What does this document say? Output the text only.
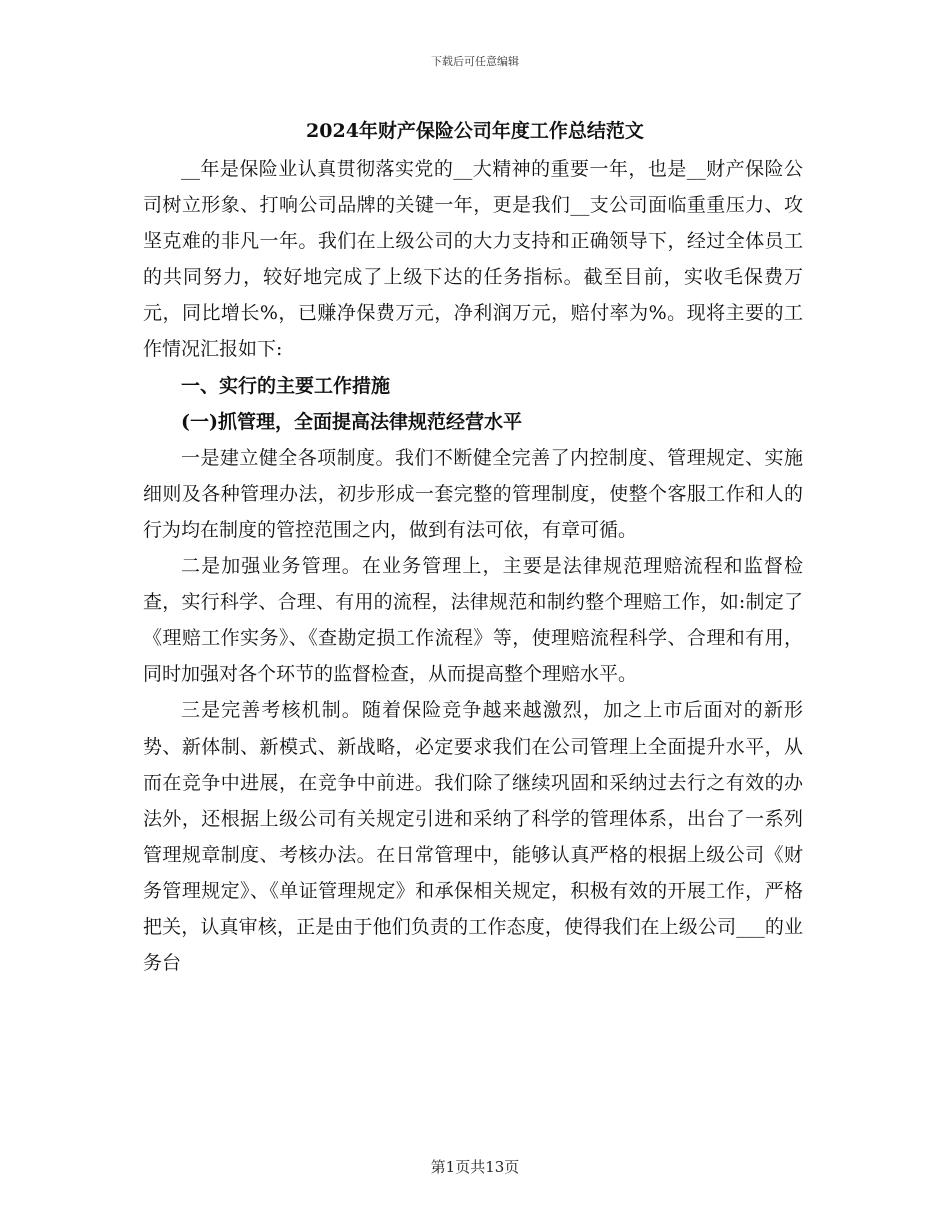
下载后可任意编辑
2024年财产保险公司年度工作总结范文

__年是保险业认真贯彻落实党的__大精神的重要一年，也是__财产保险公司树立形象、打响公司品牌的关键一年，更是我们__支公司面临重重压力、攻坚克难的非凡一年。我们在上级公司的大力支持和正确领导下，经过全体员工的共同努力，较好地完成了上级下达的任务指标。截至目前，实收毛保费万元，同比增长%，已赚净保费万元，净利润万元，赔付率为%。现将主要的工作情况汇报如下:

一、实行的主要工作措施

(一)抓管理，全面提高法律规范经营水平

一是建立健全各项制度。我们不断健全完善了内控制度、管理规定、实施细则及各种管理办法，初步形成一套完整的管理制度，使整个客服工作和人的行为均在制度的管控范围之内，做到有法可依，有章可循。

二是加强业务管理。在业务管理上，主要是法律规范理赔流程和监督检查，实行科学、合理、有用的流程，法律规范和制约整个理赔工作，如:制定了《理赔工作实务》、《查勘定损工作流程》等，使理赔流程科学、合理和有用，同时加强对各个环节的监督检查，从而提高整个理赔水平。

三是完善考核机制。随着保险竞争越来越激烈，加之上市后面对的新形势、新体制、新模式、新战略，必定要求我们在公司管理上全面提升水平，从而在竞争中进展，在竞争中前进。我们除了继续巩固和采纳过去行之有效的办法外，还根据上级公司有关规定引进和采纳了科学的管理体系，出台了一系列管理规章制度、考核办法。在日常管理中，能够认真严格的根据上级公司《财务管理规定》、《单证管理规定》和承保相关规定，积极有效的开展工作，严格把关，认真审核，正是由于他们负责的工作态度，使得我们在上级公司___的业务台

第1页共13页
